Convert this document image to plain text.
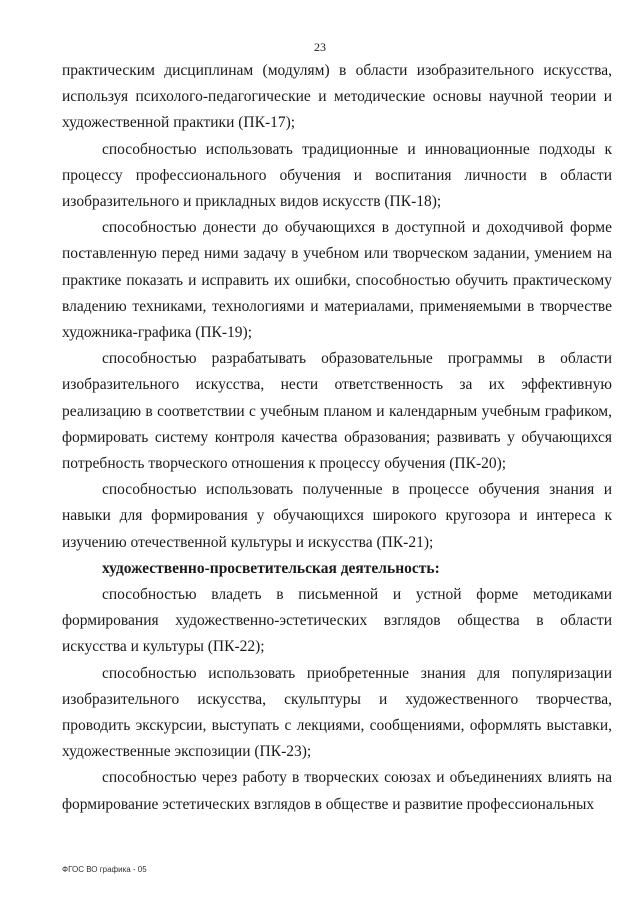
23

практическим дисциплинам (модулям) в области изобразительного искусства, используя психолого-педагогические и методические основы научной теории и художественной практики (ПК-17);

способностью использовать традиционные и инновационные подходы к процессу профессионального обучения и воспитания личности в области изобразительного и прикладных видов искусств (ПК-18);

способностью донести до обучающихся в доступной и доходчивой форме поставленную перед ними задачу в учебном или творческом задании, умением на практике показать и исправить их ошибки, способностью обучить практическому владению техниками, технологиями и материалами, применяемыми в творчестве художника-графика (ПК-19);

способностью разрабатывать образовательные программы в области изобразительного искусства, нести ответственность за их эффективную реализацию в соответствии с учебным планом и календарным учебным графиком, формировать систему контроля качества образования; развивать у обучающихся потребность творческого отношения к процессу обучения (ПК-20);

способностью использовать полученные в процессе обучения знания и навыки для формирования у обучающихся широкого кругозора и интереса к изучению отечественной культуры и искусства (ПК-21);

художественно-просветительская деятельность:

способностью владеть в письменной и устной форме методиками формирования художественно-эстетических взглядов общества в области искусства и культуры (ПК-22);

способностью использовать приобретенные знания для популяризации изобразительного искусства, скульптуры и художественного творчества, проводить экскурсии, выступать с лекциями, сообщениями, оформлять выставки, художественные экспозиции (ПК-23);

способностью через работу в творческих союзах и объединениях влиять на формирование эстетических взглядов в обществе и развитие профессиональных

ФГОС ВО графика - 05
